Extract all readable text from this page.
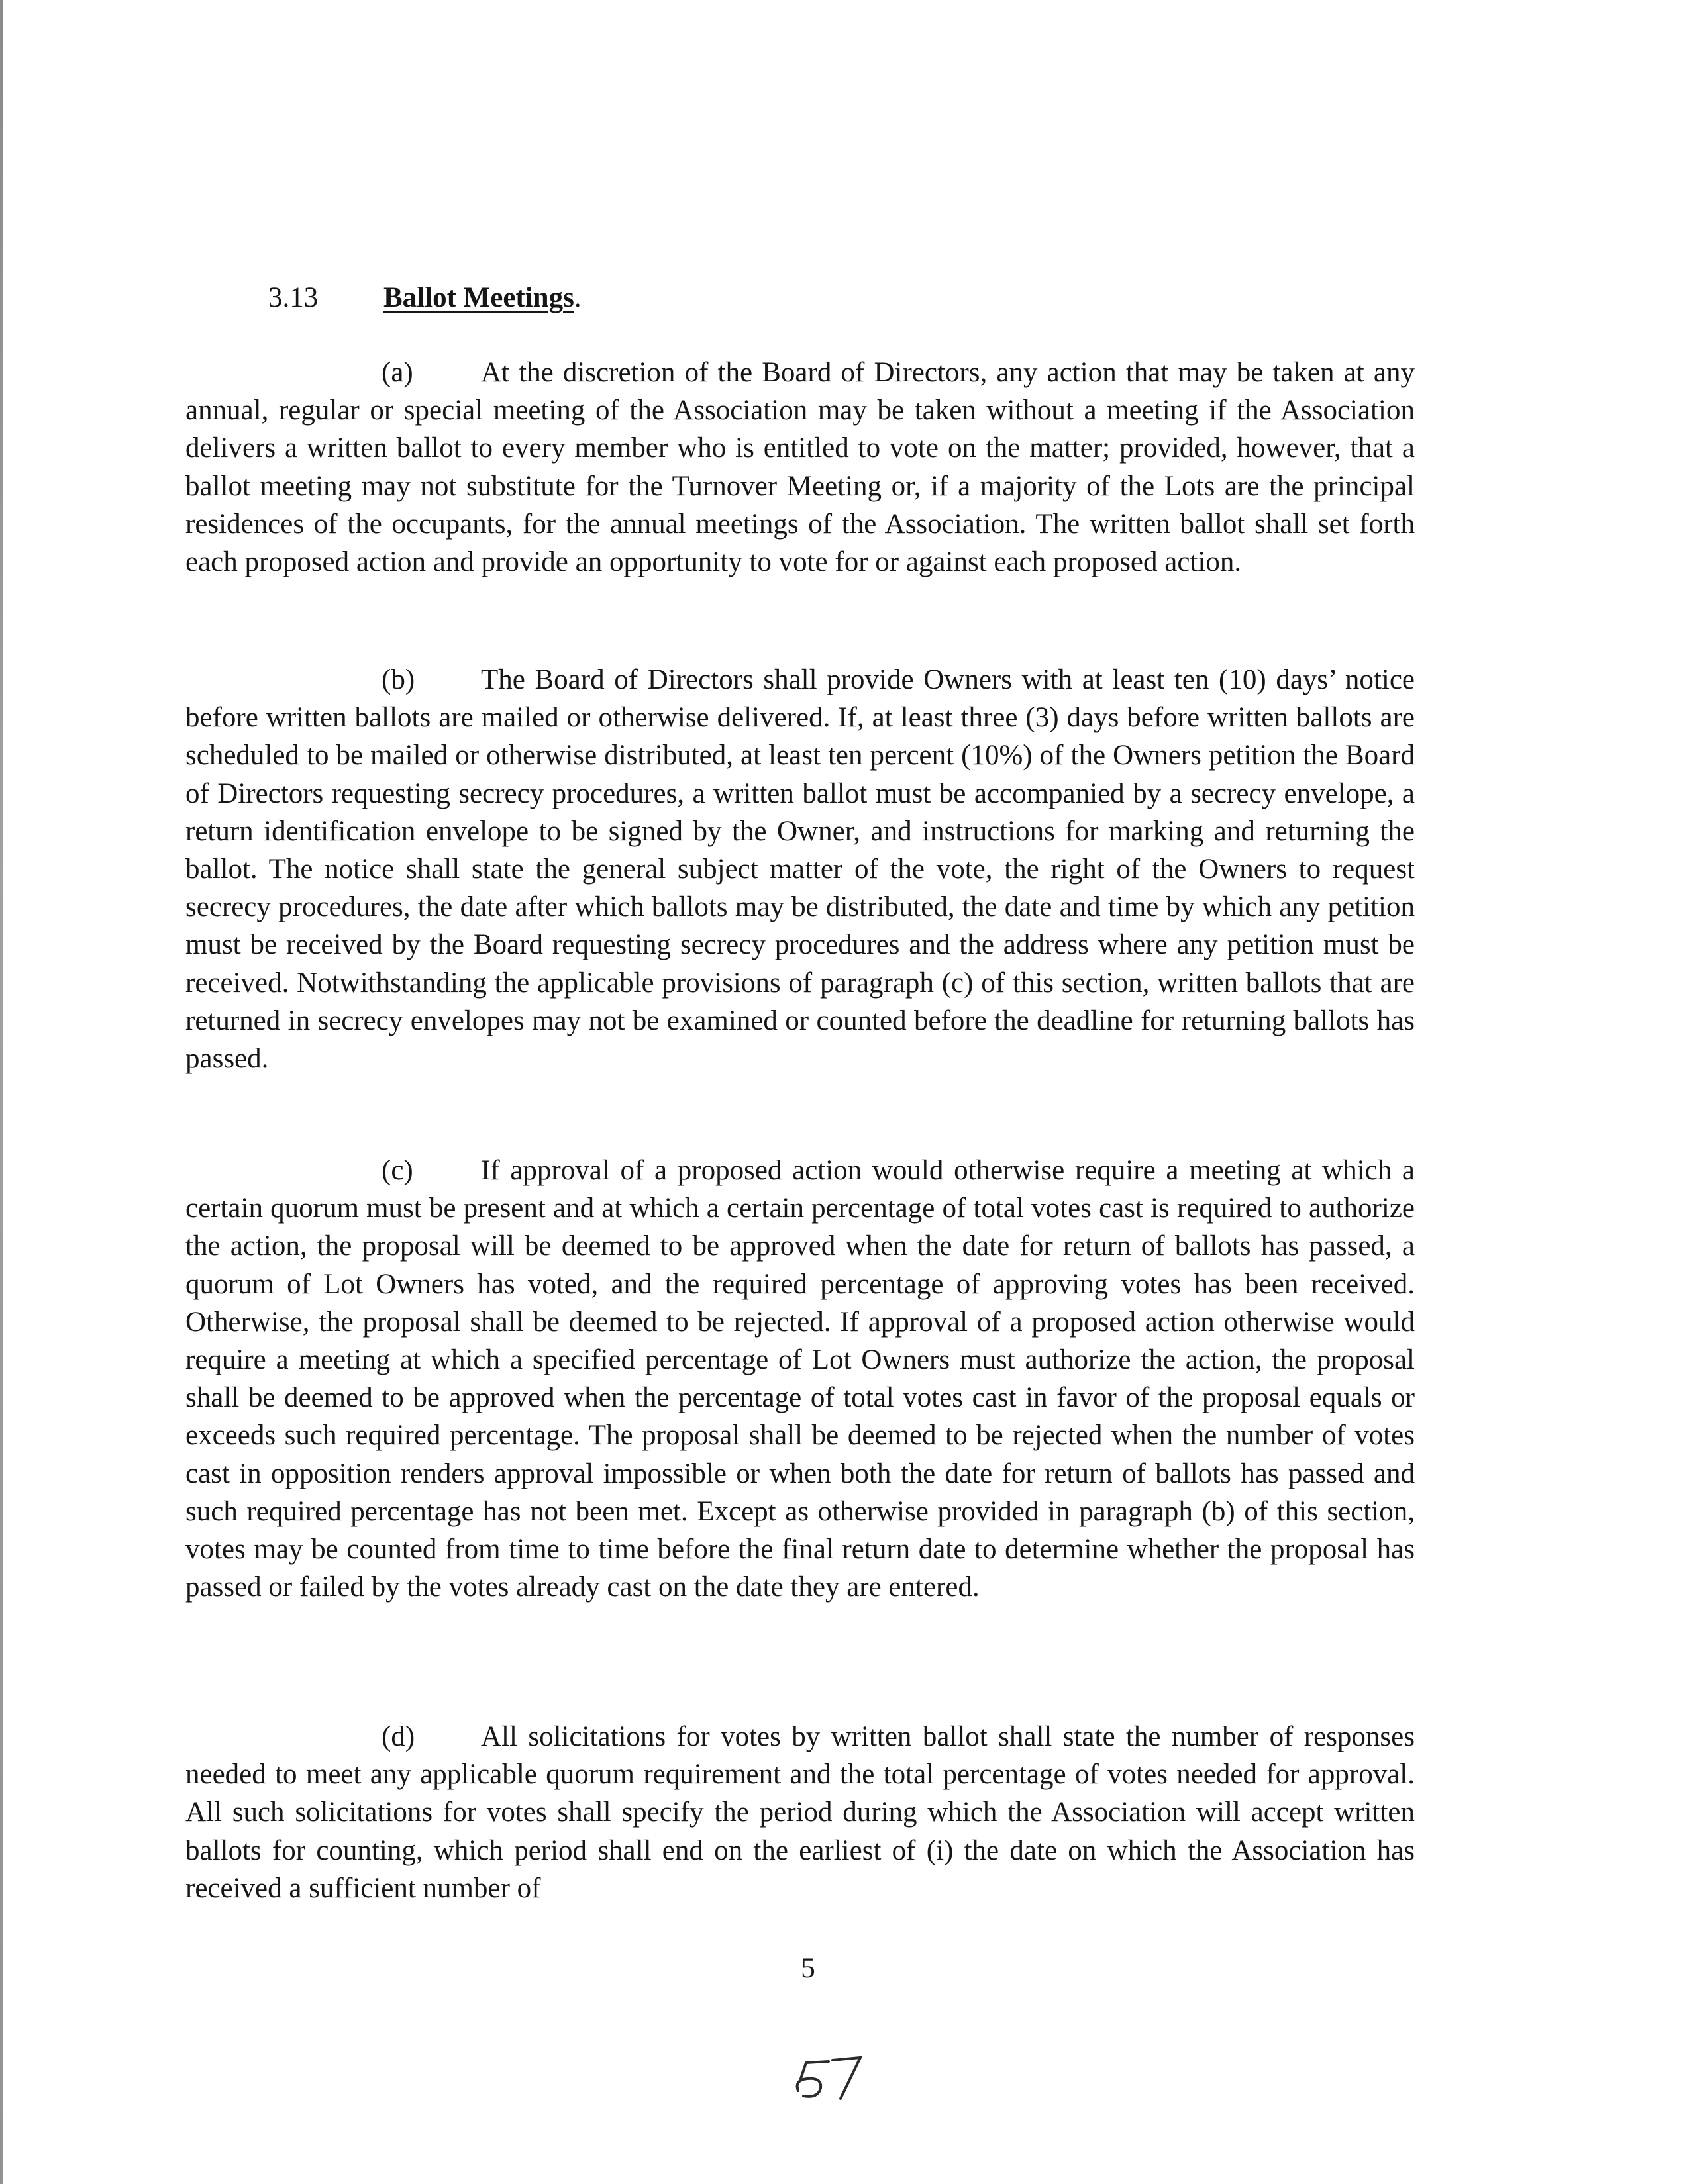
3.13 Ballot Meetings.

(a) At the discretion of the Board of Directors, any action that may be taken at any annual, regular or special meeting of the Association may be taken without a meeting if the Association delivers a written ballot to every member who is entitled to vote on the matter; provided, however, that a ballot meeting may not substitute for the Turnover Meeting or, if a majority of the Lots are the principal residences of the occupants, for the annual meetings of the Association. The written ballot shall set forth each proposed action and provide an opportunity to vote for or against each proposed action.

(b) The Board of Directors shall provide Owners with at least ten (10) days’ notice before written ballots are mailed or otherwise delivered. If, at least three (3) days before written ballots are scheduled to be mailed or otherwise distributed, at least ten percent (10%) of the Owners petition the Board of Directors requesting secrecy procedures, a written ballot must be accompanied by a secrecy envelope, a return identification envelope to be signed by the Owner, and instructions for marking and returning the ballot. The notice shall state the general subject matter of the vote, the right of the Owners to request secrecy procedures, the date after which ballots may be distributed, the date and time by which any petition must be received by the Board requesting secrecy procedures and the address where any petition must be received. Notwithstanding the applicable provisions of paragraph (c) of this section, written ballots that are returned in secrecy envelopes may not be examined or counted before the deadline for returning ballots has passed.

(c) If approval of a proposed action would otherwise require a meeting at which a certain quorum must be present and at which a certain percentage of total votes cast is required to authorize the action, the proposal will be deemed to be approved when the date for return of ballots has passed, a quorum of Lot Owners has voted, and the required percentage of approving votes has been received. Otherwise, the proposal shall be deemed to be rejected. If approval of a proposed action otherwise would require a meeting at which a specified percentage of Lot Owners must authorize the action, the proposal shall be deemed to be approved when the percentage of total votes cast in favor of the proposal equals or exceeds such required percentage. The proposal shall be deemed to be rejected when the number of votes cast in opposition renders approval impossible or when both the date for return of ballots has passed and such required percentage has not been met. Except as otherwise provided in paragraph (b) of this section, votes may be counted from time to time before the final return date to determine whether the proposal has passed or failed by the votes already cast on the date they are entered.

(d) All solicitations for votes by written ballot shall state the number of responses needed to meet any applicable quorum requirement and the total percentage of votes needed for approval. All such solicitations for votes shall specify the period during which the Association will accept written ballots for counting, which period shall end on the earliest of (i) the date on which the Association has received a sufficient number of

5
